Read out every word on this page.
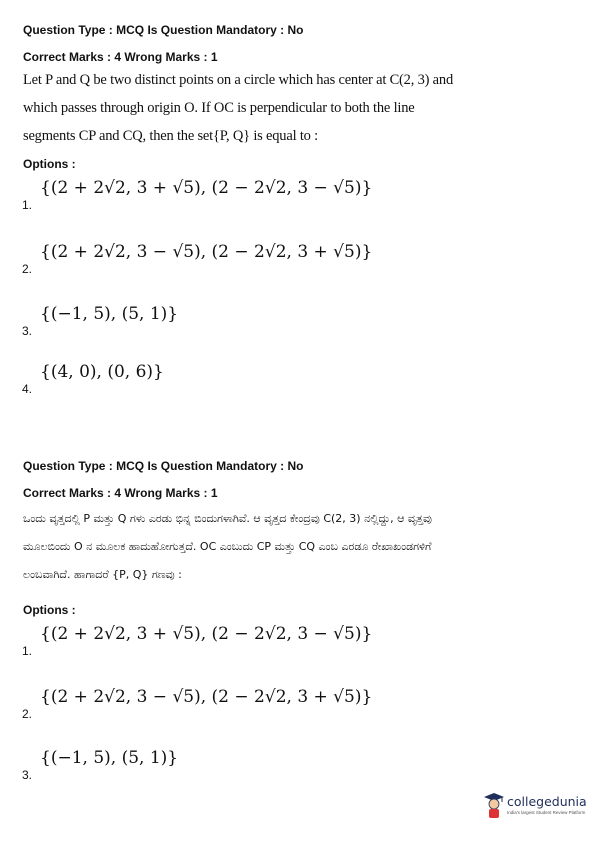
Question Type : MCQ Is Question Mandatory : No
Correct Marks : 4 Wrong Marks : 1
Let P and Q be two distinct points on a circle which has center at C(2, 3) and which passes through origin O. If OC is perpendicular to both the line segments CP and CQ, then the set{P, Q} is equal to :
Options :
1.
{(2 + 2√2, 3 + √5), (2 − 2√2, 3 − √5)}
2.
{(2 + 2√2, 3 − √5), (2 − 2√2, 3 + √5)}
3.
{(−1, 5), (5, 1)}
4.
{(4, 0), (0, 6)}
Question Type : MCQ Is Question Mandatory : No
Correct Marks : 4 Wrong Marks : 1
ಒಂದು ವೃತ್ತದಲ್ಲಿ P ಮತ್ತು Q ಗಳು ಎರಡು ಭಿನ್ನ ಬಿಂದುಗಳಾಗಿವೆ. ಆ ವೃತ್ತದ ಕೇಂದ್ರವು C(2, 3) ನಲ್ಲಿದ್ದು, ಆ ವೃತ್ತವು ಮೂಲಬಿಂದು O ನ ಮೂಲಕ ಹಾದುಹೋಗುತ್ತದೆ. OC ಎಂಬುದು CP ಮತ್ತು CQ ಎಂಬ ಎರಡೂ ರೇಖಾಖಂಡಗಳಿಗೆ ಲಂಬವಾಗಿದೆ. ಹಾಗಾದರೆ {P, Q} ಗಣವು :
Options :
1.
{(2 + 2√2, 3 + √5), (2 − 2√2, 3 − √5)}
2.
{(2 + 2√2, 3 − √5), (2 − 2√2, 3 + √5)}
3.
{(−1, 5), (5, 1)}
collegedunia
India's largest Student Review Platform
